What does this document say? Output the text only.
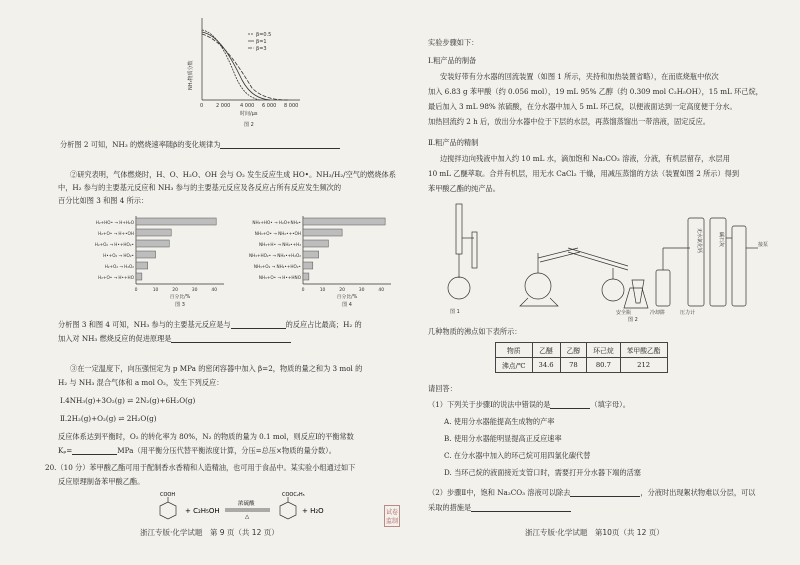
0	2 000 4 000 6 000 8 000
时间/μs
图 2
NH₃物质分数
β=0.5
β=1
β=3
分析图 2 可知，NH₃ 的燃烧速率随β的变化规律为
②研究表明，气体燃烧时，H、O、H₂O、OH 会与 O₂ 发生反应生成 HO•。NH₃/H₂/空气的燃烧体系
中，H₂ 参与的主要基元反应和 NH₃ 参与的主要基元反应及各反应占所有反应发生频次的
百分比如图 3 和图 4 所示：
H₂+HO• → H+H₂O
H₂+O• → H+•OH
H₂+O₂ → H•+HO₂•
H•+O₂ → HO₂•
H₂+O₂ → H₂O₂
H₂+O• → H•+HO
0	10	20	30	40
百分比/%
图 3
NH₃+HO• → H₂O+NH₂•
NH₃+O• → NH₂•+•OH
NH₃+H• → NH₂•+H₂
NH₃+HO₂• → NH₂•+H₂O₂
NH₃+O₂ → NH₂•+HO₂•
NH₃+O• → H•+HNO
0	10	20	30	40
百分比/%
图 4
分析图 3 和图 4 可知，NH₃ 参与的主要基元反应是与	的反应占比最高；H₂ 的
加入对 NH₃ 燃烧反应的促进原理是
③在一定温度下，向压强恒定为 p MPa 的密闭容器中加入 β=2，物质的量之和为 3 mol 的
H₂ 与 NH₃ 混合气体和 a mol O₂，发生下列反应：
Ⅰ.4NH₃(g)+3O₂(g) ⇌ 2N₂(g)+6H₂O(g)
Ⅱ.2H₂(g)+O₂(g) ⇌ 2H₂O(g)
反应体系达到平衡时，O₂ 的转化率为 80%，N₂ 的物质的量为 0.1 mol，则反应Ⅰ的平衡常数
Kₚ=	MPa（用平衡分压代替平衡浓度计算，分压=总压×物质的量分数）。
20.（10 分）苯甲酸乙酯可用于配制香水香精和人造精油，也可用于食品中。某实验小组通过如下
反应原理制备苯甲酸乙酯。
COOH
+ C₂H₅OH
浓硫酸
△
COOC₂H₅
+ H₂O
浙江专版·化学试题　第 9 页（共 12 页）
试卷
监制
实验步骤如下：
Ⅰ.粗产品的制备
安装好带有分水器的回流装置（如图 1 所示，夹持和加热装置省略），在而底烧瓶中依次
加入 6.83 g 苯甲酸（约 0.056 mol），19 mL 95% 乙醇（约 0.309 mol C₂H₅OH），15 mL 环己烷，
最后加入 3 mL 98% 浓硫酸，在分水器中加入 5 mL 环己烷，以便液面达到一定高度便于分水。
加热回流约 2 h 后，放出分水器中位于下层的水层，再蒸馏蒸馏出一带溶液，固定反应。
Ⅱ.粗产品的精制
边搅拌边向残液中加入约 10 mL 水，滴加饱和 Na₂CO₃ 溶液，分液，有机层留存，水层用
10 mL 乙醚萃取。合并有机层，用无水 CaCl₂ 干燥，用减压蒸馏的方法（装置如图 2 所示）得到
苯甲酸乙酯的纯产品。
图 1
图 2
安全瓶	冷却阱	压力计
接泵
无水氯化钙	碱石灰
几种物质的沸点如下表所示：
物质	乙醚	乙醇	环己烷	苯甲酸乙酯
沸点/℃	34.6	78	80.7	212
请回答：
（1）下列关于步骤Ⅰ的说法中错误的是	（填字母）。
A. 使用分水器能提高生成物的产率
B. 使用分水器能明显提高正反应速率
C. 在分水器中加入的环己烷可用四氯化碳代替
D. 当环己烷的液面接近支管口时，需要打开分水器下端的活塞
（2）步骤Ⅱ中，饱和 Na₂CO₃ 溶液可以除去	，分液时出现絮状物难以分层，可以
采取的措施是
浙江专版·化学试题　第10页（共 12 页）
